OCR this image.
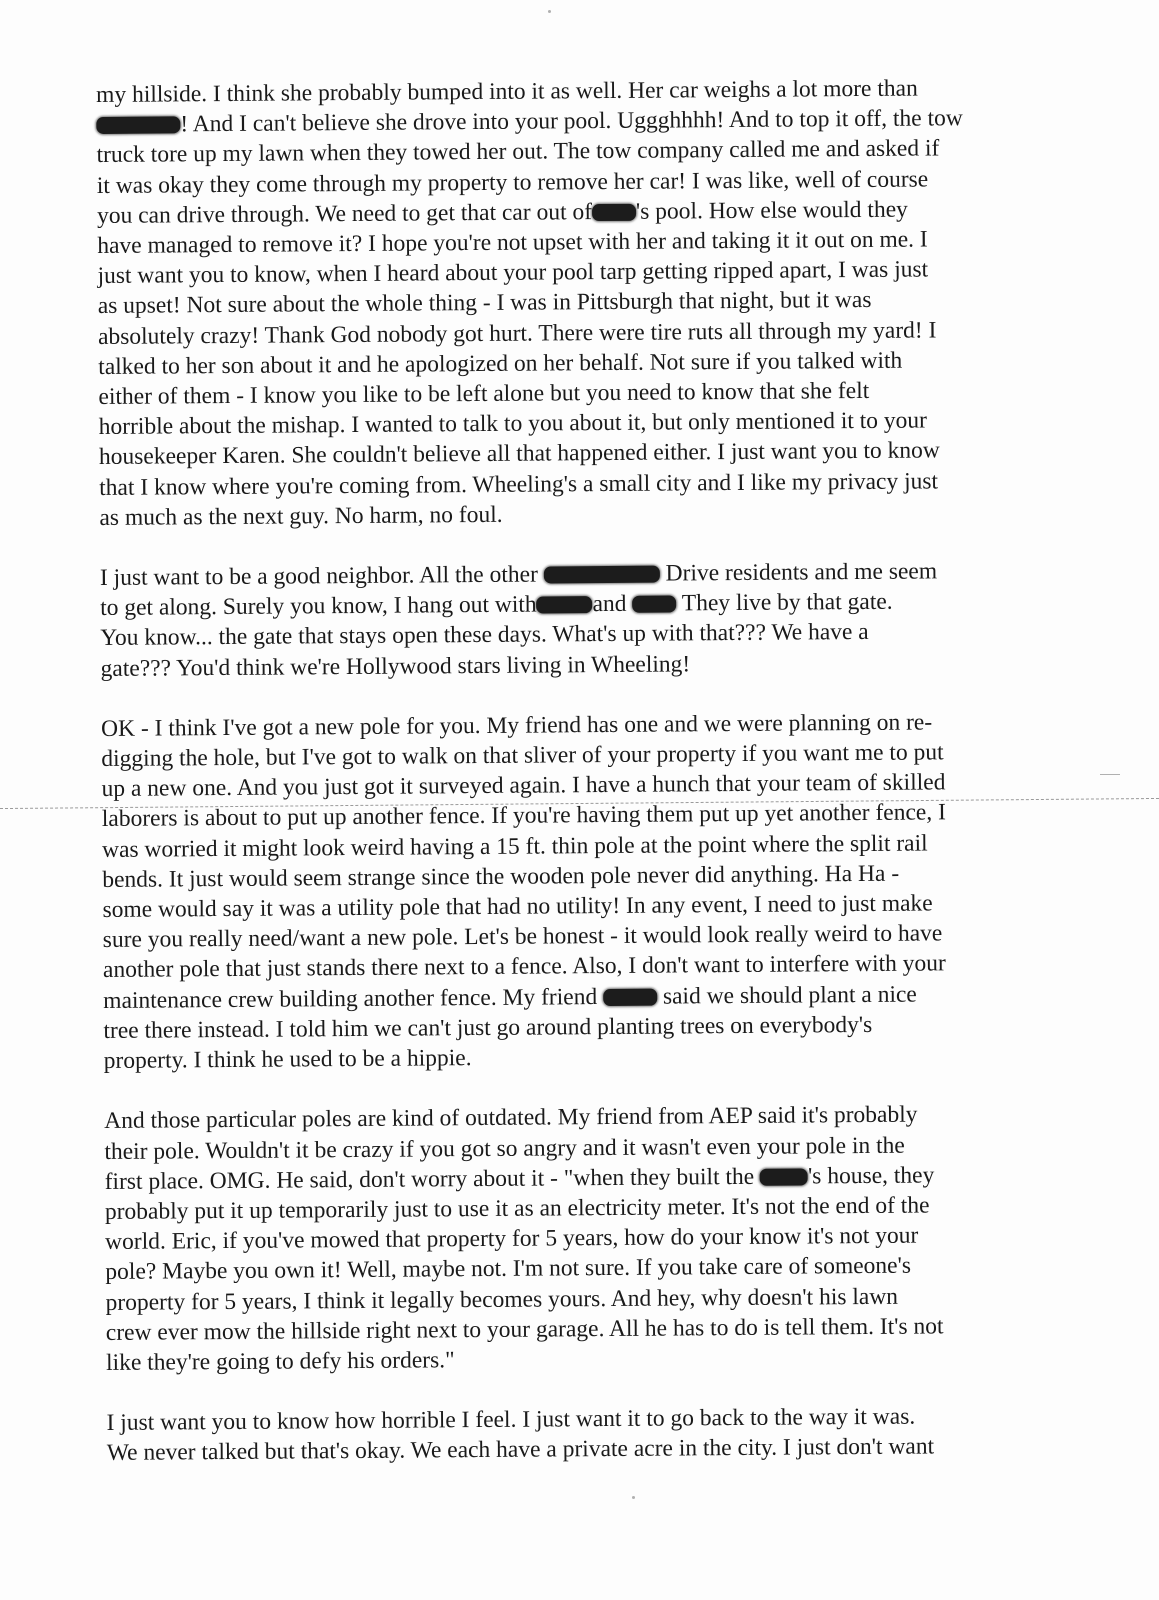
my hillside. I think she probably bumped into it as well. Her car weighs a lot more than
! And I can't believe she drove into your pool. Uggghhhh! And to top it off, the tow
truck tore up my lawn when they towed her out. The tow company called me and asked if
it was okay they come through my property to remove her car! I was like, well of course
you can drive through. We need to get that car out of 's pool. How else would they
have managed to remove it? I hope you're not upset with her and taking it it out on me. I
just want you to know, when I heard about your pool tarp getting ripped apart, I was just
as upset! Not sure about the whole thing - I was in Pittsburgh that night, but it was
absolutely crazy! Thank God nobody got hurt. There were tire ruts all through my yard! I
talked to her son about it and he apologized on her behalf. Not sure if you talked with
either of them - I know you like to be left alone but you need to know that she felt
horrible about the mishap. I wanted to talk to you about it, but only mentioned it to your
housekeeper Karen. She couldn't believe all that happened either. I just want you to know
that I know where you're coming from. Wheeling's a small city and I like my privacy just
as much as the next guy. No harm, no foul.
I just want to be a good neighbor. All the other	Drive residents and me seem
to get along. Surely you know, I hang out with and They live by that gate.
You know... the gate that stays open these days. What's up with that??? We have a
gate??? You'd think we're Hollywood stars living in Wheeling!
OK - I think I've got a new pole for you. My friend has one and we were planning on re-
digging the hole, but I've got to walk on that sliver of your property if you want me to put
up a new one. And you just got it surveyed again. I have a hunch that your team of skilled
laborers is about to put up another fence. If you're having them put up yet another fence, I
was worried it might look weird having a 15 ft. thin pole at the point where the split rail
bends. It just would seem strange since the wooden pole never did anything. Ha Ha -
some would say it was a utility pole that had no utility! In any event, I need to just make
sure you really need/want a new pole. Let's be honest - it would look really weird to have
another pole that just stands there next to a fence. Also, I don't want to interfere with your
maintenance crew building another fence. My friend	said we should plant a nice
tree there instead. I told him we can't just go around planting trees on everybody's
property. I think he used to be a hippie.
And those particular poles are kind of outdated. My friend from AEP said it's probably
their pole. Wouldn't it be crazy if you got so angry and it wasn't even your pole in the
first place. OMG. He said, don't worry about it - "when they built the 's house, they
probably put it up temporarily just to use it as an electricity meter. It's not the end of the
world. Eric, if you've mowed that property for 5 years, how do your know it's not your
pole? Maybe you own it! Well, maybe not. I'm not sure. If you take care of someone's
property for 5 years, I think it legally becomes yours. And hey, why doesn't his lawn
crew ever mow the hillside right next to your garage. All he has to do is tell them. It's not
like they're going to defy his orders."
I just want you to know how horrible I feel. I just want it to go back to the way it was.
We never talked but that's okay. We each have a private acre in the city. I just don't want
